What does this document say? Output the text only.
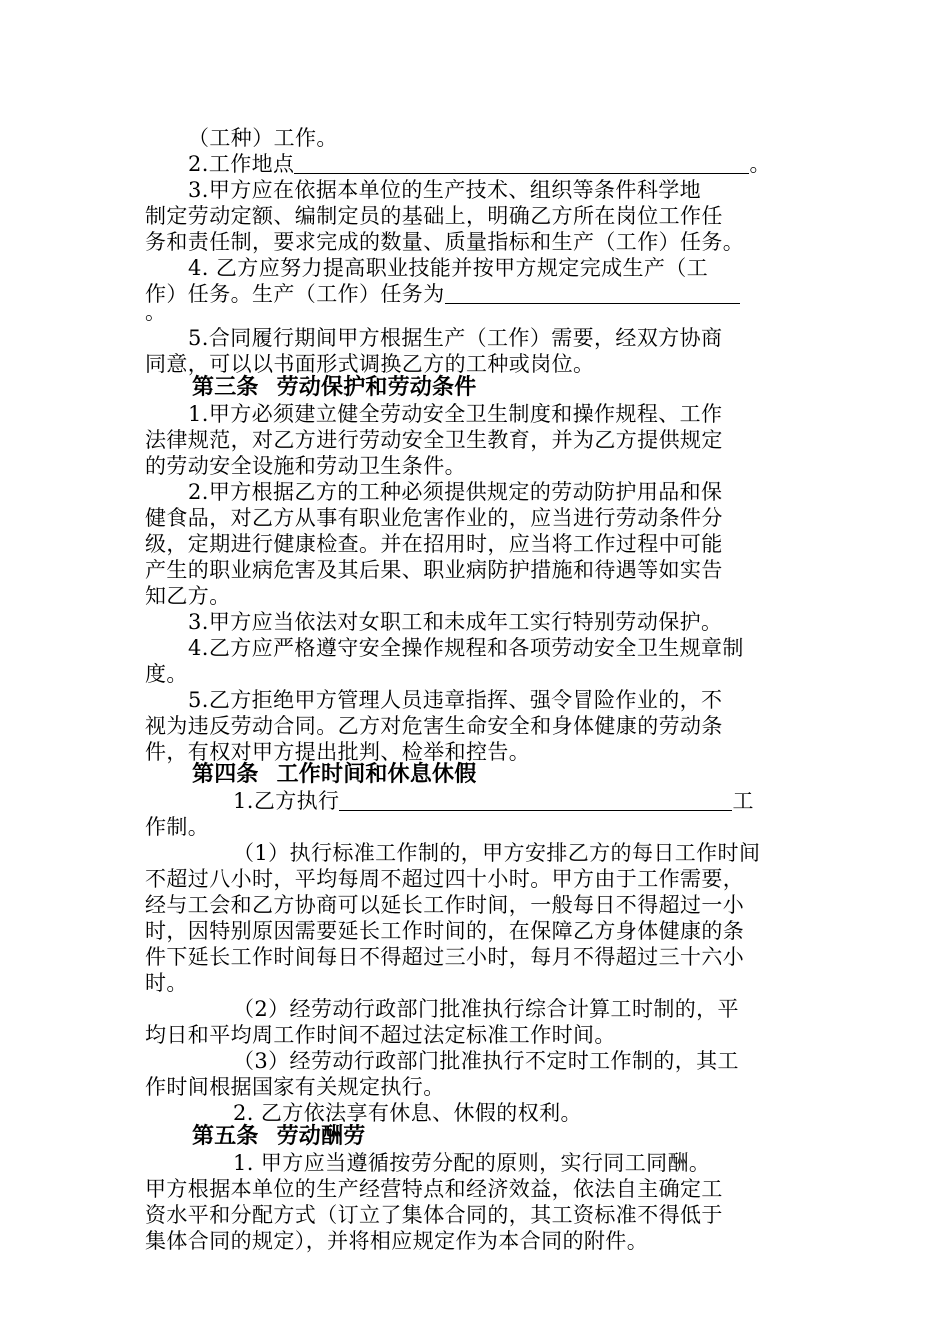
（工种）工作。
2.工作地点	。
3.甲方应在依据本单位的生产技术、组织等条件科学地
制定劳动定额、编制定员的基础上，明确乙方所在岗位工作任
务和责任制，要求完成的数量、质量指标和生产（工作）任务。
4. 乙方应努力提高职业技能并按甲方规定完成生产（工
作）任务。生产（工作）任务为
。
5.合同履行期间甲方根据生产（工作）需要，经双方协商
同意，可以以书面形式调换乙方的工种或岗位。
第三条 劳动保护和劳动条件
1.甲方必须建立健全劳动安全卫生制度和操作规程、工作
法律规范，对乙方进行劳动安全卫生教育，并为乙方提供规定
的劳动安全设施和劳动卫生条件。
2.甲方根据乙方的工种必须提供规定的劳动防护用品和保
健食品，对乙方从事有职业危害作业的，应当进行劳动条件分
级，定期进行健康检查。并在招用时，应当将工作过程中可能
产生的职业病危害及其后果、职业病防护措施和待遇等如实告
知乙方。
3.甲方应当依法对女职工和未成年工实行特别劳动保护。
4.乙方应严格遵守安全操作规程和各项劳动安全卫生规章制
度。
5.乙方拒绝甲方管理人员违章指挥、强令冒险作业的，不
视为违反劳动合同。乙方对危害生命安全和身体健康的劳动条
件，有权对甲方提出批判、检举和控告。
第四条 工作时间和休息休假
1.乙方执行	工
作制。
（1）执行标准工作制的，甲方安排乙方的每日工作时间
不超过八小时，平均每周不超过四十小时。甲方由于工作需要，
经与工会和乙方协商可以延长工作时间，一般每日不得超过一小
时，因特别原因需要延长工作时间的，在保障乙方身体健康的条
件下延长工作时间每日不得超过三小时，每月不得超过三十六小
时。
（2）经劳动行政部门批准执行综合计算工时制的，平
均日和平均周工作时间不超过法定标准工作时间。
（3）经劳动行政部门批准执行不定时工作制的，其工
作时间根据国家有关规定执行。
2. 乙方依法享有休息、休假的权利。
第五条 劳动酬劳
1. 甲方应当遵循按劳分配的原则，实行同工同酬。
甲方根据本单位的生产经营特点和经济效益，依法自主确定工
资水平和分配方式（订立了集体合同的，其工资标准不得低于
集体合同的规定），并将相应规定作为本合同的附件。
